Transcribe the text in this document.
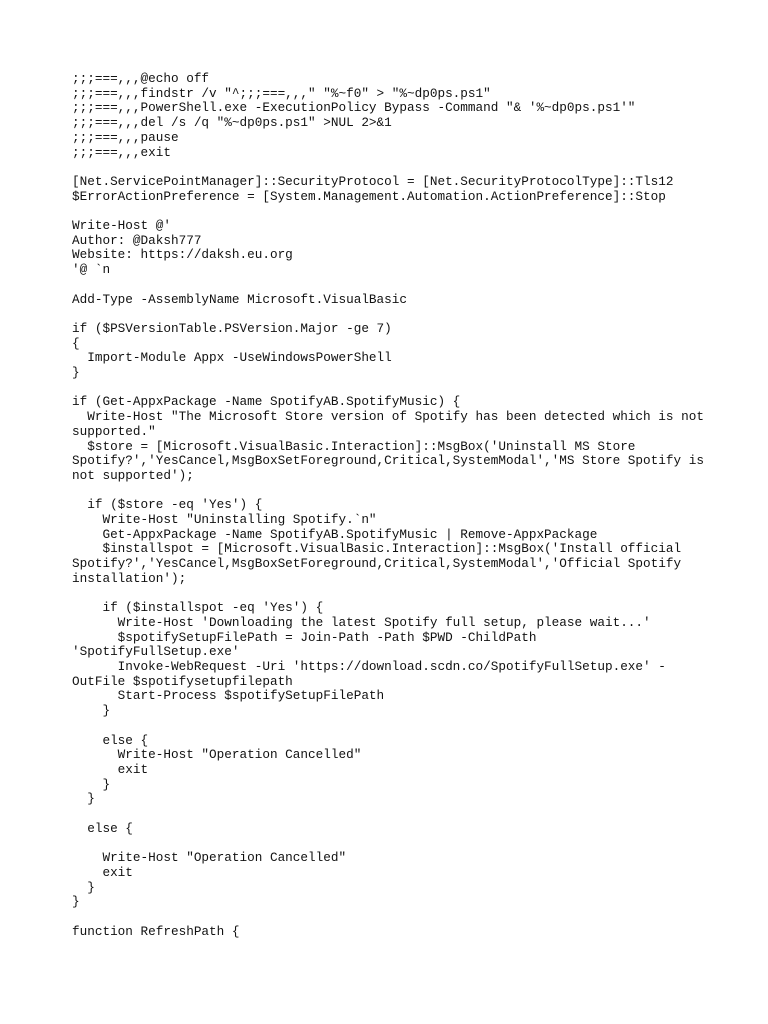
;;;===,,,@echo off
;;;===,,,findstr /v "^;;;===,,," "%~f0" > "%~dp0ps.ps1"
;;;===,,,PowerShell.exe -ExecutionPolicy Bypass -Command "& '%~dp0ps.ps1'"
;;;===,,,del /s /q "%~dp0ps.ps1" >NUL 2>&1
;;;===,,,pause
;;;===,,,exit
[Net.ServicePointManager]::SecurityProtocol = [Net.SecurityProtocolType]::Tls12
$ErrorActionPreference = [System.Management.Automation.ActionPreference]::Stop
Write-Host @'
Author: @Daksh777
Website: https://daksh.eu.org
'@ `n
Add-Type -AssemblyName Microsoft.VisualBasic
if ($PSVersionTable.PSVersion.Major -ge 7)
{
Import-Module Appx -UseWindowsPowerShell
}
if (Get-AppxPackage -Name SpotifyAB.SpotifyMusic) {
Write-Host "The Microsoft Store version of Spotify has been detected which is not
supported."
$store = [Microsoft.VisualBasic.Interaction]::MsgBox('Uninstall MS Store
Spotify?','YesCancel,MsgBoxSetForeground,Critical,SystemModal','MS Store Spotify is
not supported');
if ($store -eq 'Yes') {
Write-Host "Uninstalling Spotify.`n"
Get-AppxPackage -Name SpotifyAB.SpotifyMusic | Remove-AppxPackage
$installspot = [Microsoft.VisualBasic.Interaction]::MsgBox('Install official
Spotify?','YesCancel,MsgBoxSetForeground,Critical,SystemModal','Official Spotify
installation');
if ($installspot -eq 'Yes') {
Write-Host 'Downloading the latest Spotify full setup, please wait...'
$spotifySetupFilePath = Join-Path -Path $PWD -ChildPath
'SpotifyFullSetup.exe'
Invoke-WebRequest -Uri 'https://download.scdn.co/SpotifyFullSetup.exe' -
OutFile $spotifysetupfilepath
Start-Process $spotifySetupFilePath
}
else {
Write-Host "Operation Cancelled"
exit
}
}
else {
Write-Host "Operation Cancelled"
exit
}
}
function RefreshPath {
